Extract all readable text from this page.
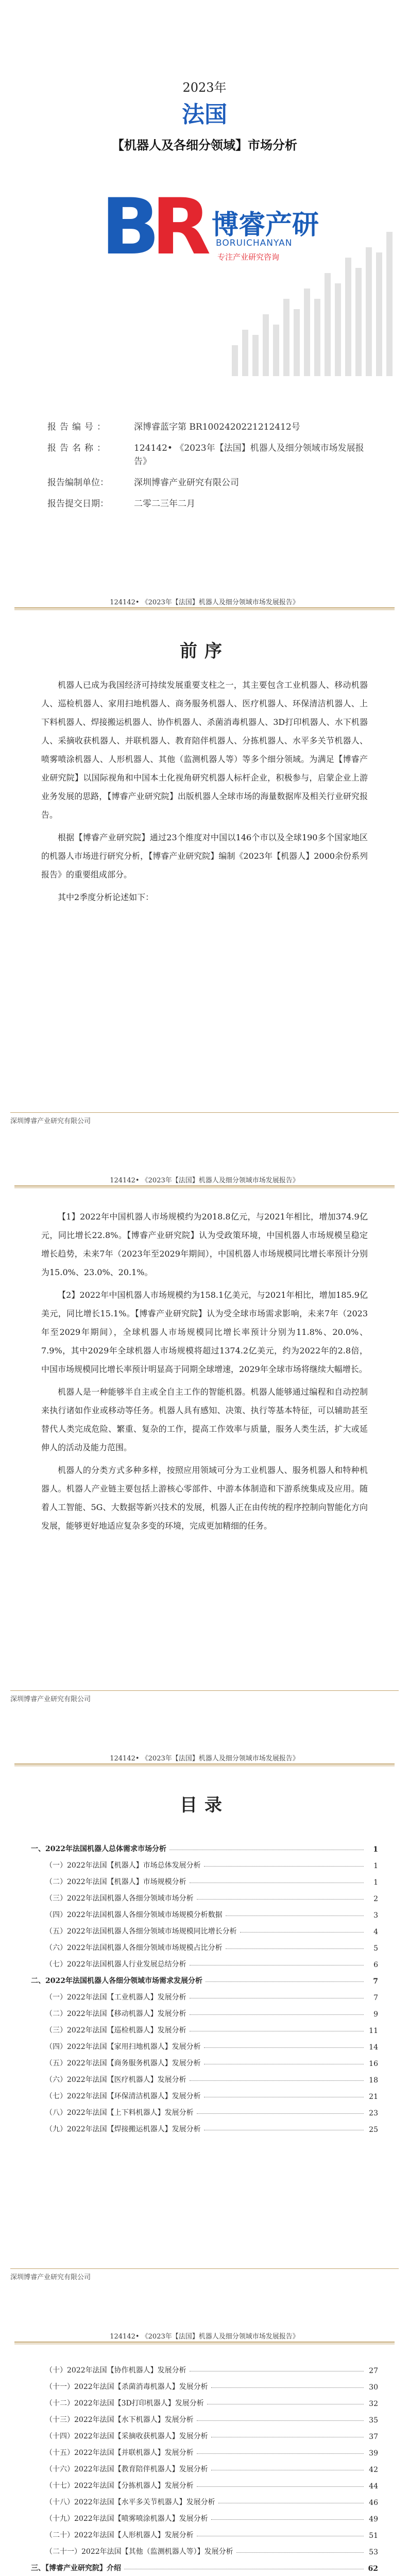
2023年
法国
【机器人及各细分领域】市场分析
B
R 博睿产研
BORUICHANYAN
专注产业研究咨询
报告编号：	深博睿蓝字第 BR1002420221212412号
报告名称：	124142• 《2023年【法国】机器人及细分领域市场发展报告》
报告编制单位：	深圳博睿产业研究有限公司
报告提交日期：	二零二三年二月
124142• 《2023年【法国】机器人及细分领域市场发展报告》
前序

机器人已成为我国经济可持续发展重要支柱之一，其主要包含工业机器人、移动机器人、巡检机器人、家用扫地机器人、商务服务机器人、医疗机器人、环保清洁机器人、上下料机器人、焊接搬运机器人、协作机器人、杀菌消毒机器人、3D打印机器人、水下机器人、采摘收获机器人、并联机器人、教育陪伴机器人、分拣机器人、水平多关节机器人、喷雾喷涂机器人、人形机器人、其他（监测机器人等）等多个细分领域。为满足【博睿产业研究院】以国际视角和中国本土化视角研究机器人标杆企业，积极参与，启蒙企业上游业务发展的思路，【博睿产业研究院】出版机器人全球市场的海量数据库及相关行业研究报告。

根据【博睿产业研究院】通过23个维度对中国以146个市以及全球190多个国家地区的机器人市场进行研究分析，【博睿产业研究院】编制《2023年【机器人】2000余份系列报告》的重要组成部分。

其中2季度分析论述如下：

深圳博睿产业研究有限公司
124142• 《2023年【法国】机器人及细分领域市场发展报告》

【1】2022年中国机器人市场规模约为2018.8亿元，与2021年相比，增加374.9亿元，同比增长22.8%。【博睿产业研究院】认为受政策环境，中国机器人市场规模呈稳定增长趋势，未来7年（2023年至2029年期间），中国机器人市场规模同比增长率预计分别为15.0%、23.0%、20.1%。

【2】2022年中国机器人市场规模约为158.1亿美元，与2021年相比，增加185.9亿美元，同比增长15.1%。【博睿产业研究院】认为受全球市场需求影响，未来7年（2023年至2029年期间），全球机器人市场规模同比增长率预计分别为11.8%、20.0%、7.9%，其中2029年全球机器人市场规模将超过1374.2亿美元，约为2022年的2.8倍，中国市场规模同比增长率预计明显高于同期全球增速，2029年全球市场将继续大幅增长。

机器人是一种能够半自主或全自主工作的智能机器。机器人能够通过编程和自动控制来执行诸如作业或移动等任务。机器人具有感知、决策、执行等基本特征，可以辅助甚至替代人类完成危险、繁重、复杂的工作，提高工作效率与质量，服务人类生活，扩大或延伸人的活动及能力范围。

机器人的分类方式多种多样，按照应用领域可分为工业机器人、服务机器人和特种机器人。机器人产业链主要包括上游核心零部件、中游本体制造和下游系统集成及应用。随着人工智能、5G、大数据等新兴技术的发展，机器人正在由传统的程序控制向智能化方向发展，能够更好地适应复杂多变的环境，完成更加精细的任务。

深圳博睿产业研究有限公司
124142• 《2023年【法国】机器人及细分领域市场发展报告》
目录
一、2022年法国机器人总体需求市场分析	1
（一）2022年法国【机器人】市场总体发展分析	1
（二）2022年法国【机器人】市场规模分析	1
（三）2022年法国机器人各细分领域市场分析	2
（四）2022年法国机器人各细分领域市场规模分析数据	3
（五）2022年法国机器人各细分领域市场规模同比增长分析	4
（六）2022年法国机器人各细分领域市场规模占比分析	5
（七）2022年法国机器人行业发展总结分析	6
二、2022年法国机器人各细分领域市场需求发展分析	7
（一）2022年法国【工业机器人】发展分析	7
（二）2022年法国【移动机器人】发展分析	9
（三）2022年法国【巡检机器人】发展分析	11
（四）2022年法国【家用扫地机器人】发展分析	14
（五）2022年法国【商务服务机器人】发展分析	16
（六）2022年法国【医疗机器人】发展分析	18
（七）2022年法国【环保清洁机器人】发展分析	21
（八）2022年法国【上下料机器人】发展分析	23
（九）2022年法国【焊接搬运机器人】发展分析	25
深圳博睿产业研究有限公司
124142• 《2023年【法国】机器人及细分领域市场发展报告》
（十）2022年法国【协作机器人】发展分析	27
（十一）2022年法国【杀菌消毒机器人】发展分析	30
（十二）2022年法国【3D打印机器人】发展分析	32
（十三）2022年法国【水下机器人】发展分析	35
（十四）2022年法国【采摘收获机器人】发展分析	37
（十五）2022年法国【并联机器人】发展分析	39
（十六）2022年法国【教育陪伴机器人】发展分析	42
（十七）2022年法国【分拣机器人】发展分析	44
（十八）2022年法国【水平多关节机器人】发展分析	46
（十九）2022年法国【喷雾喷涂机器人】发展分析	49
（二十）2022年法国【人形机器人】发展分析	51
（二十一）2022年法国【其他（监测机器人等）】发展分析	53
三、【博睿产业研究院】介绍	62
